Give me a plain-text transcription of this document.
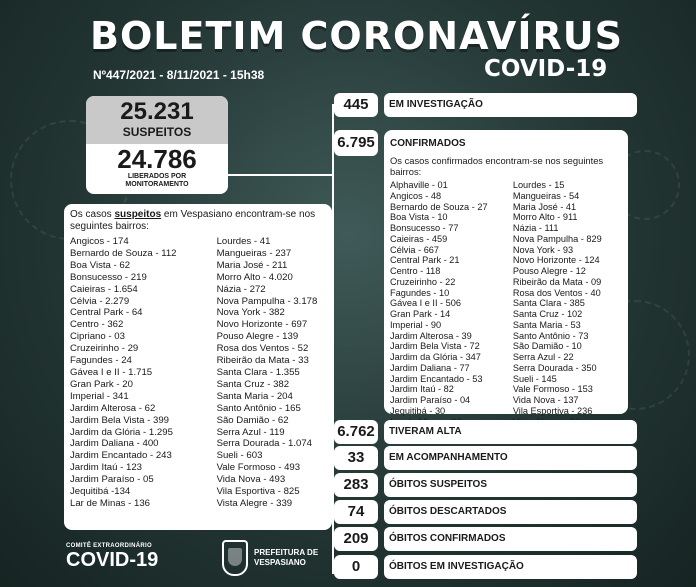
BOLETIM CORONAVÍRUS
Nº447/2021 - 8/11/2021 - 15h38	COVID-19
25.231
SUSPEITOS
24.786
LIBERADOS POR
MONITORAMENTO
Os casos suspeitos em Vespasiano encontram-se nos seguintes bairros:
Angicos - 174
Bernardo de Souza - 112
Boa Vista - 62
Bonsucesso - 219
Caieiras - 1.654
Célvia - 2.279
Central Park - 64
Centro - 362
Cipriano - 03
Cruzeirinho - 29
Fagundes - 24
Gávea I e II - 1.715
Gran Park - 20
Imperial - 341
Jardim Alterosa - 62
Jardim Bela Vista - 399
Jardim da Glória - 1.295
Jardim Daliana - 400
Jardim Encantado - 243
Jardim Itaú - 123
Jardim Paraíso - 05
Jequitibá -134
Lar de Minas - 136
Lourdes - 41
Mangueiras - 237
Maria José - 211
Morro Alto - 4.020
Názia - 272
Nova Pampulha - 3.178
Nova York - 382
Novo Horizonte - 697
Pouso Alegre - 139
Rosa dos Ventos - 52
Ribeirão da Mata - 33
Santa Clara - 1.355
Santa Cruz - 382
Santa Maria - 204
Santo Antônio - 165
São Damião - 62
Serra Azul - 119
Serra Dourada - 1.074
Sueli - 603
Vale Formoso - 493
Vida Nova - 493
Vila Esportiva - 825
Vista Alegre - 339
445	EM INVESTIGAÇÃO
6.795	CONFIRMADOS
Os casos confirmados encontram-se nos seguintes bairros:
Alphaville - 01
Angicos - 48
Bernardo de Souza - 27
Boa Vista - 10
Bonsucesso - 77
Caieiras - 459
Célvia - 667
Central Park - 21
Centro - 118
Cruzeirinho - 22
Fagundes - 10
Gávea I e II - 506
Gran Park - 14
Imperial - 90
Jardim Alterosa - 39
Jardim Bela Vista - 72
Jardim da Glória - 347
Jardim Daliana - 77
Jardim Encantado - 53
Jardim Itaú - 82
Jardim Paraíso - 04
Jequitibá - 30
Lourdes - 15
Mangueiras - 54
Maria José - 41
Morro Alto - 911
Názia - 111
Nova Pampulha - 829
Nova York - 93
Novo Horizonte - 124
Pouso Alegre - 12
Ribeirão da Mata - 09
Rosa dos Ventos - 40
Santa Clara - 385
Santa Cruz - 102
Santa Maria - 53
Santo Antônio - 73
São Damião - 10
Serra Azul - 22
Serra Dourada - 350
Sueli - 145
Vale Formoso - 153
Vida Nova - 137
Vila Esportiva - 236
6.762	TIVERAM ALTA
33	EM ACOMPANHAMENTO
283	ÓBITOS SUSPEITOS
74	ÓBITOS DESCARTADOS
209	ÓBITOS CONFIRMADOS
0	ÓBITOS EM INVESTIGAÇÃO
COMITÊ EXTRAORDINÁRIO
COVID-19	PREFEITURA DE
VESPASIANO
